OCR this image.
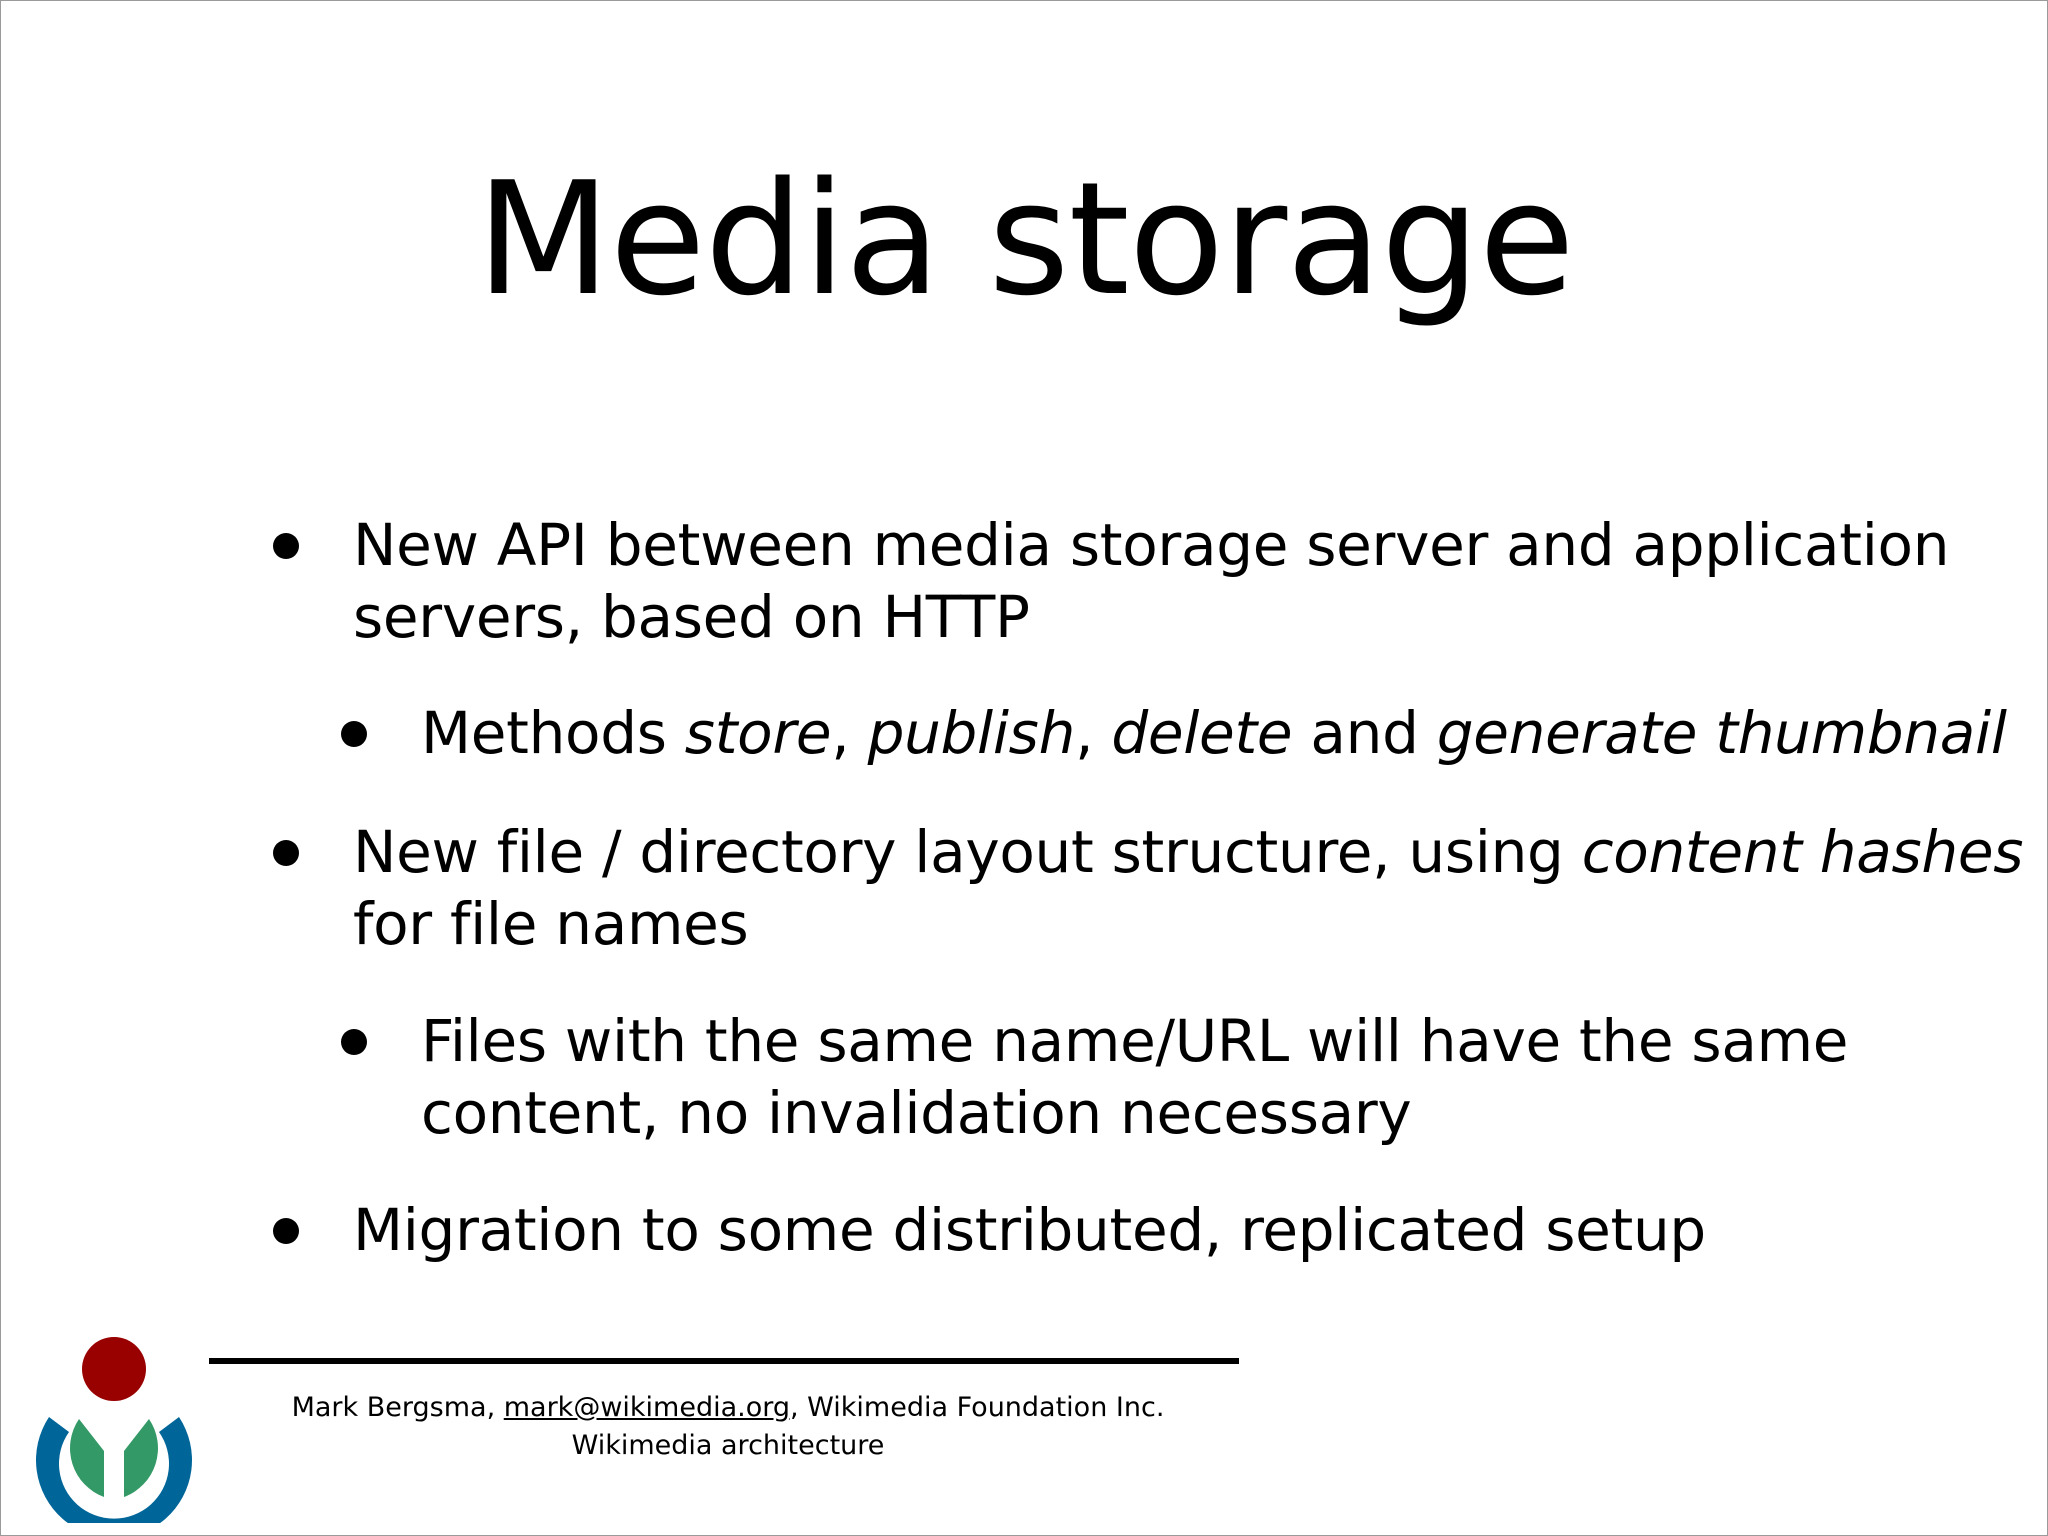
Media storage
New API between media storage server and application
servers, based on HTTP
Methods store, publish, delete and generate thumbnail
New file / directory layout structure, using content hashes
for file names
Files with the same name/URL will have the same
content, no invalidation necessary
Migration to some distributed, replicated setup
Mark Bergsma, mark@wikimedia.org, Wikimedia Foundation Inc.
Wikimedia architecture
